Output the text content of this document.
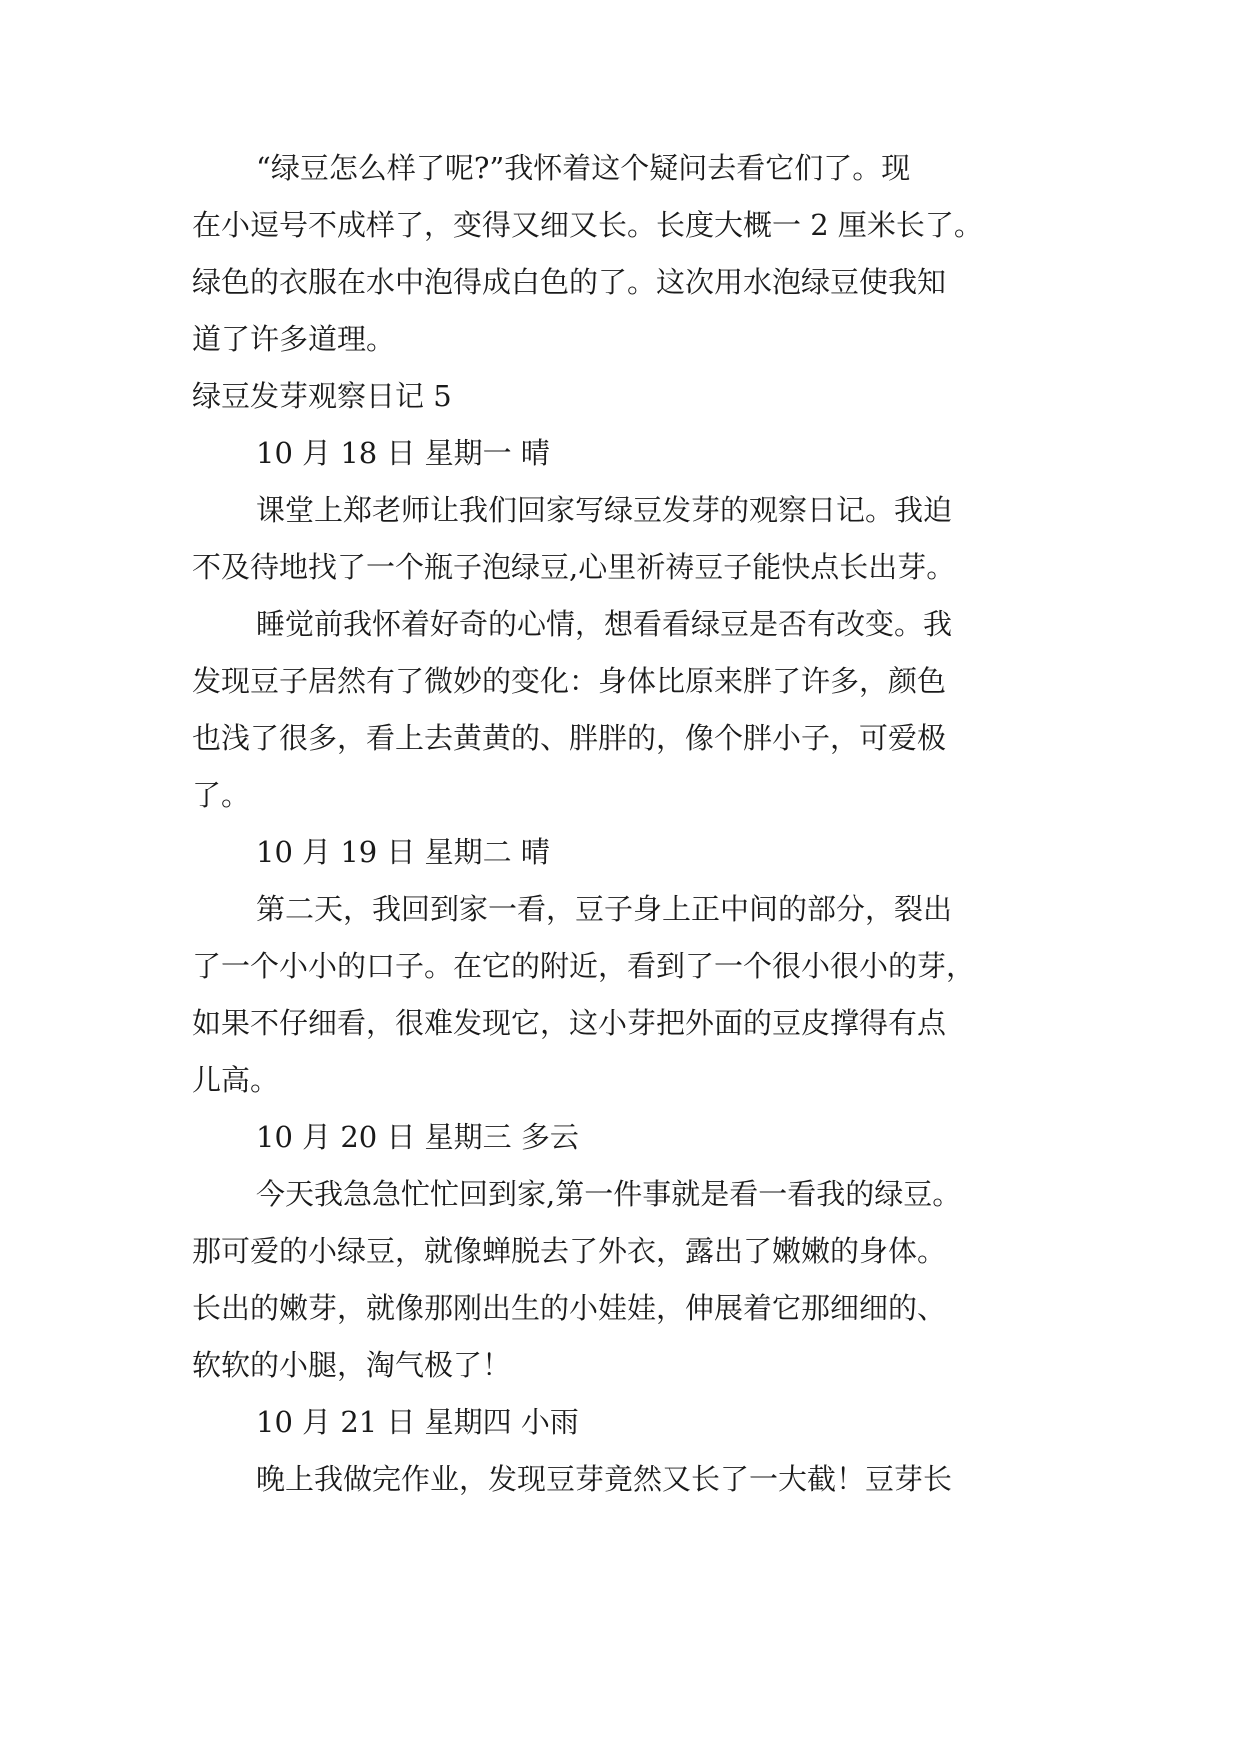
“绿豆怎么样了呢?”我怀着这个疑问去看它们了。现
在小逗号不成样了，变得又细又长。长度大概一 2 厘米长了。
绿色的衣服在水中泡得成白色的了。这次用水泡绿豆使我知
道了许多道理。
绿豆发芽观察日记 5
10 月 18 日 星期一 晴
课堂上郑老师让我们回家写绿豆发芽的观察日记。我迫
不及待地找了一个瓶子泡绿豆,心里祈祷豆子能快点长出芽。
睡觉前我怀着好奇的心情，想看看绿豆是否有改变。我
发现豆子居然有了微妙的变化：身体比原来胖了许多，颜色
也浅了很多，看上去黄黄的、胖胖的，像个胖小子，可爱极
了。
10 月 19 日 星期二 晴
第二天，我回到家一看，豆子身上正中间的部分，裂出
了一个小小的口子。在它的附近，看到了一个很小很小的芽，
如果不仔细看，很难发现它，这小芽把外面的豆皮撑得有点
儿高。
10 月 20 日 星期三 多云
今天我急急忙忙回到家,第一件事就是看一看我的绿豆。
那可爱的小绿豆，就像蝉脱去了外衣，露出了嫩嫩的身体。
长出的嫩芽，就像那刚出生的小娃娃，伸展着它那细细的、
软软的小腿，淘气极了！
10 月 21 日 星期四 小雨
晚上我做完作业，发现豆芽竟然又长了一大截！豆芽长
